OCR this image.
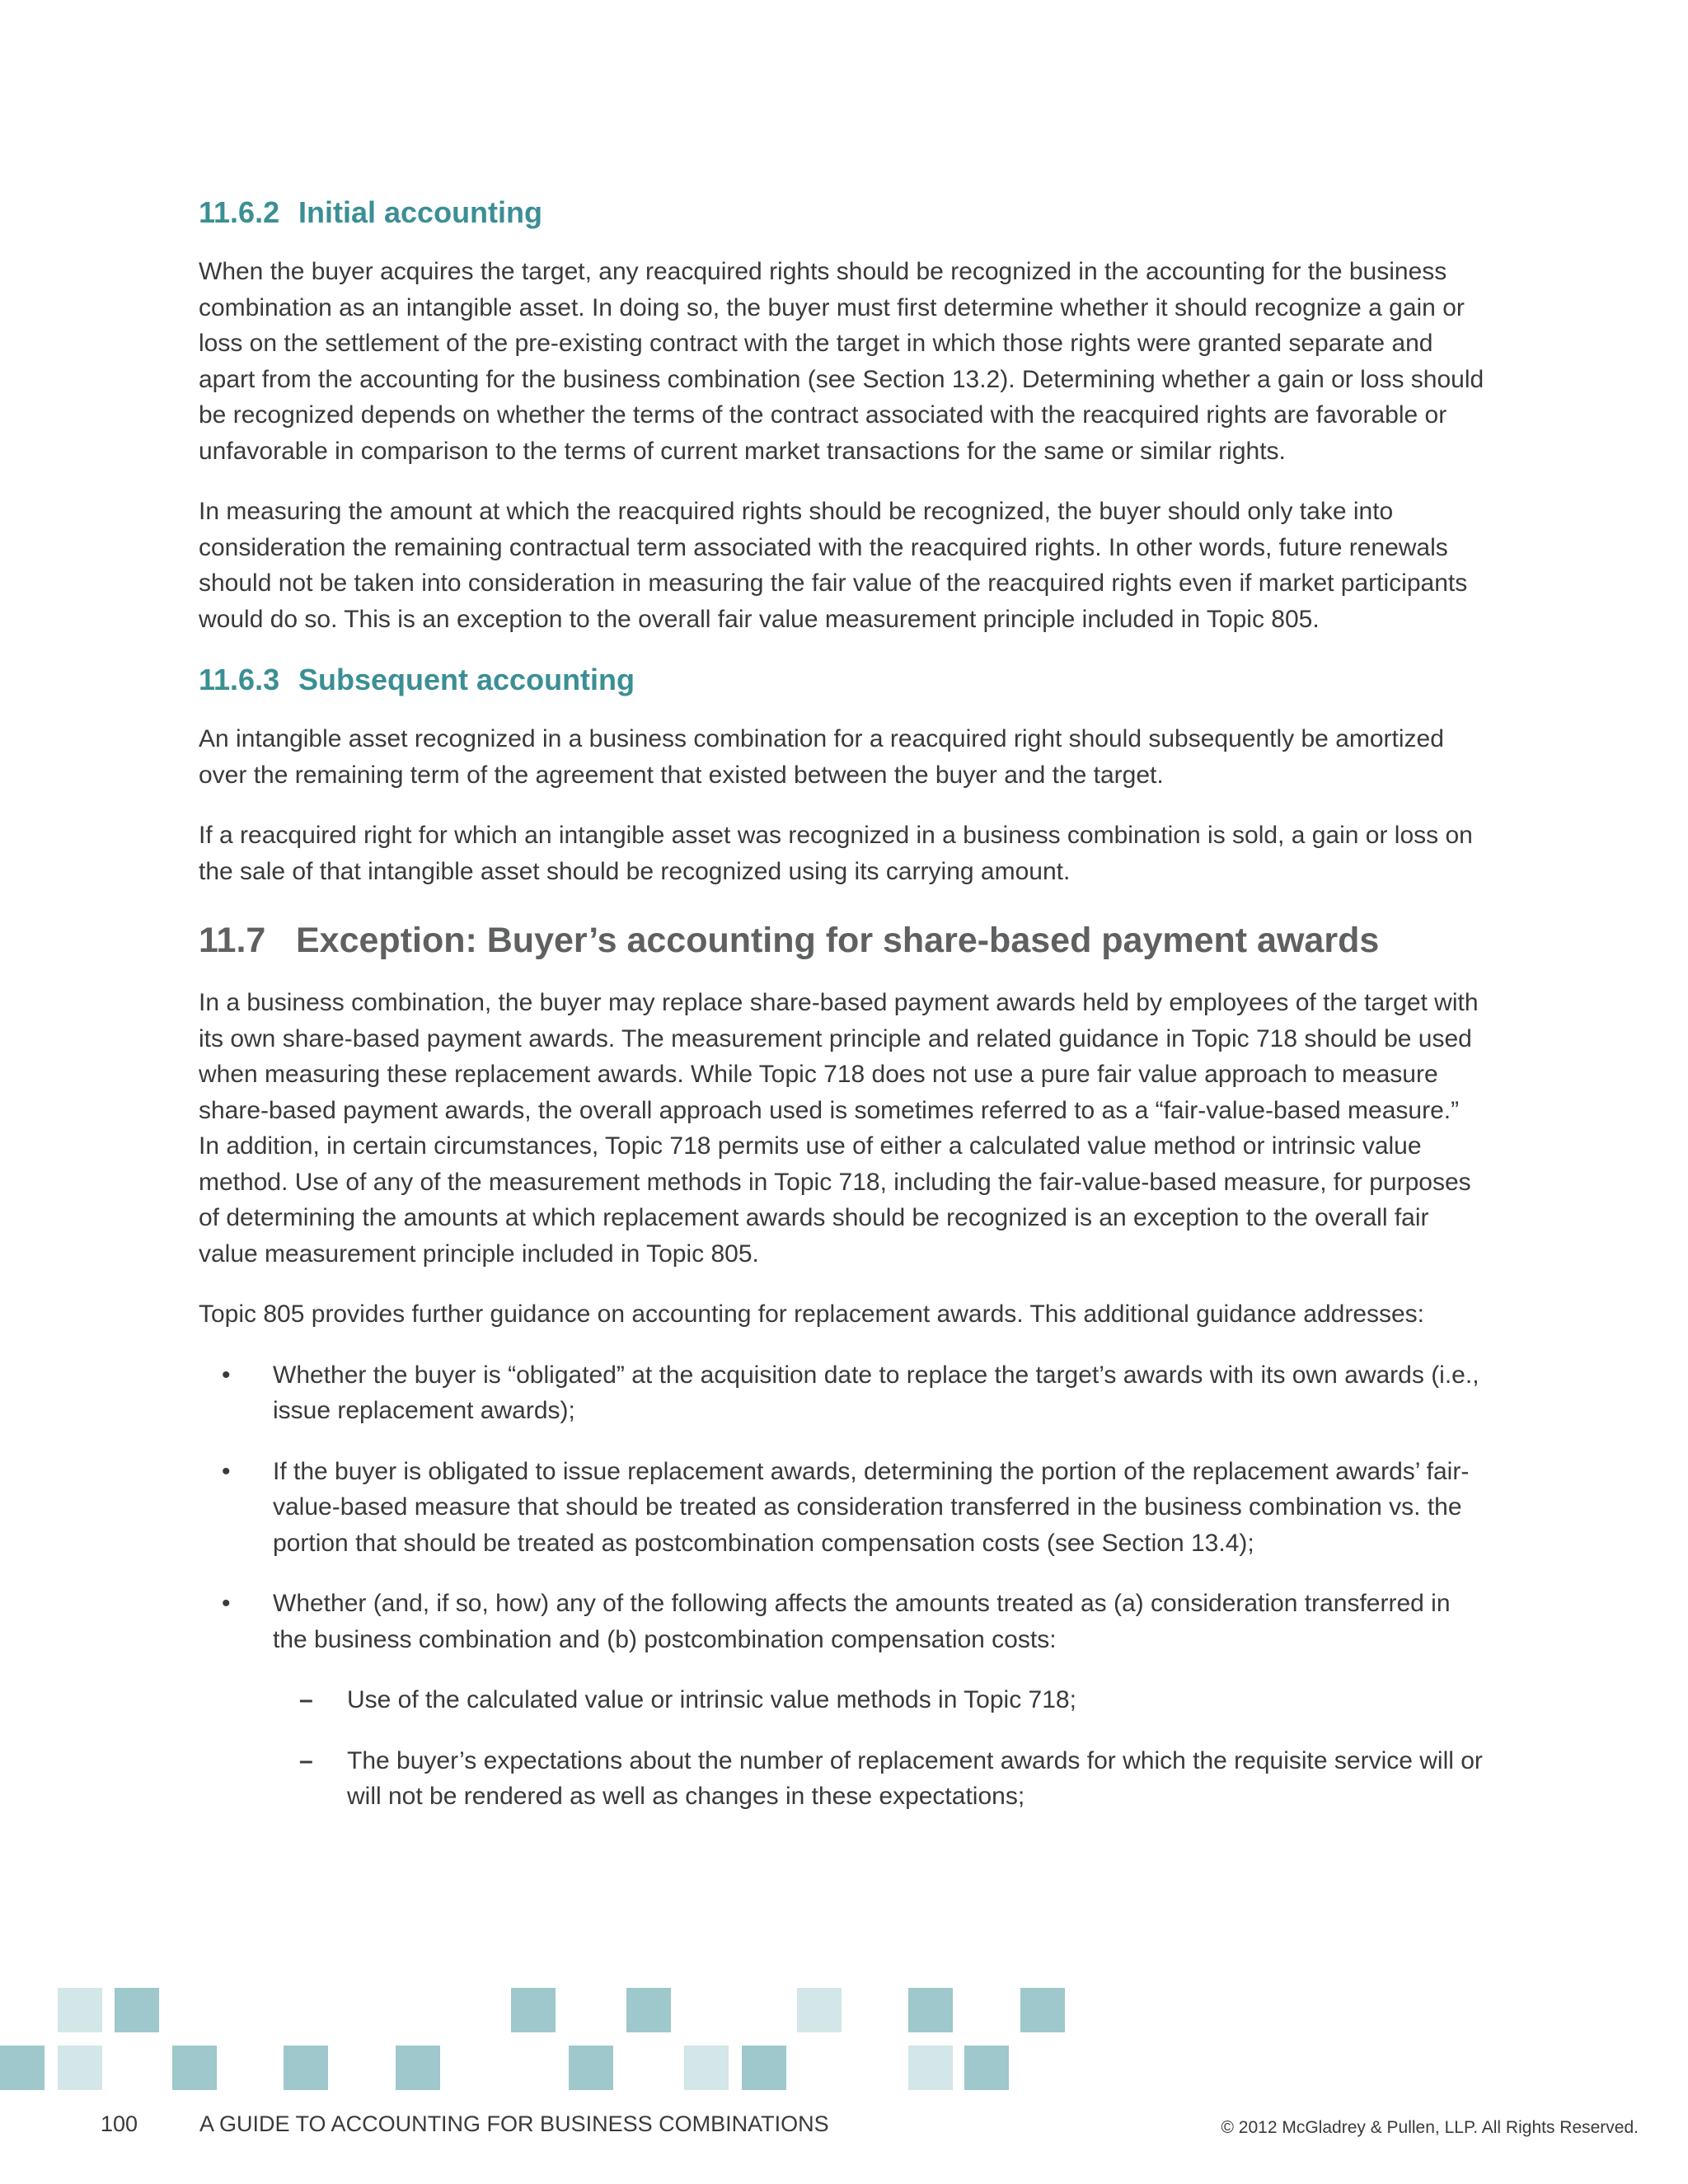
11.6.2 Initial accounting

When the buyer acquires the target, any reacquired rights should be recognized in the accounting for the business combination as an intangible asset. In doing so, the buyer must first determine whether it should recognize a gain or loss on the settlement of the pre-existing contract with the target in which those rights were granted separate and apart from the accounting for the business combination (see Section 13.2). Determining whether a gain or loss should be recognized depends on whether the terms of the contract associated with the reacquired rights are favorable or unfavorable in comparison to the terms of current market transactions for the same or similar rights.

In measuring the amount at which the reacquired rights should be recognized, the buyer should only take into consideration the remaining contractual term associated with the reacquired rights. In other words, future renewals should not be taken into consideration in measuring the fair value of the reacquired rights even if market participants would do so. This is an exception to the overall fair value measurement principle included in Topic 805.

11.6.3 Subsequent accounting

An intangible asset recognized in a business combination for a reacquired right should subsequently be amortized over the remaining term of the agreement that existed between the buyer and the target.

If a reacquired right for which an intangible asset was recognized in a business combination is sold, a gain or loss on the sale of that intangible asset should be recognized using its carrying amount.

11.7 Exception: Buyer’s accounting for share-based payment awards

In a business combination, the buyer may replace share-based payment awards held by employees of the target with its own share-based payment awards. The measurement principle and related guidance in Topic 718 should be used when measuring these replacement awards. While Topic 718 does not use a pure fair value approach to measure share-based payment awards, the overall approach used is sometimes referred to as a “fair-value-based measure.” In addition, in certain circumstances, Topic 718 permits use of either a calculated value method or intrinsic value method. Use of any of the measurement methods in Topic 718, including the fair-value-based measure, for purposes of determining the amounts at which replacement awards should be recognized is an exception to the overall fair value measurement principle included in Topic 805.

Topic 805 provides further guidance on accounting for replacement awards. This additional guidance addresses:

• Whether the buyer is “obligated” at the acquisition date to replace the target’s awards with its own awards (i.e., issue replacement awards);
• If the buyer is obligated to issue replacement awards, determining the portion of the replacement awards’ fair-value-based measure that should be treated as consideration transferred in the business combination vs. the portion that should be treated as postcombination compensation costs (see Section 13.4);
• Whether (and, if so, how) any of the following affects the amounts treated as (a) consideration transferred in the business combination and (b) postcombination compensation costs:
– Use of the calculated value or intrinsic value methods in Topic 718;
– The buyer’s expectations about the number of replacement awards for which the requisite service will or will not be rendered as well as changes in these expectations;
100	A GUIDE TO ACCOUNTING FOR BUSINESS COMBINATIONS	© 2012 McGladrey & Pullen, LLP. All Rights Reserved.
